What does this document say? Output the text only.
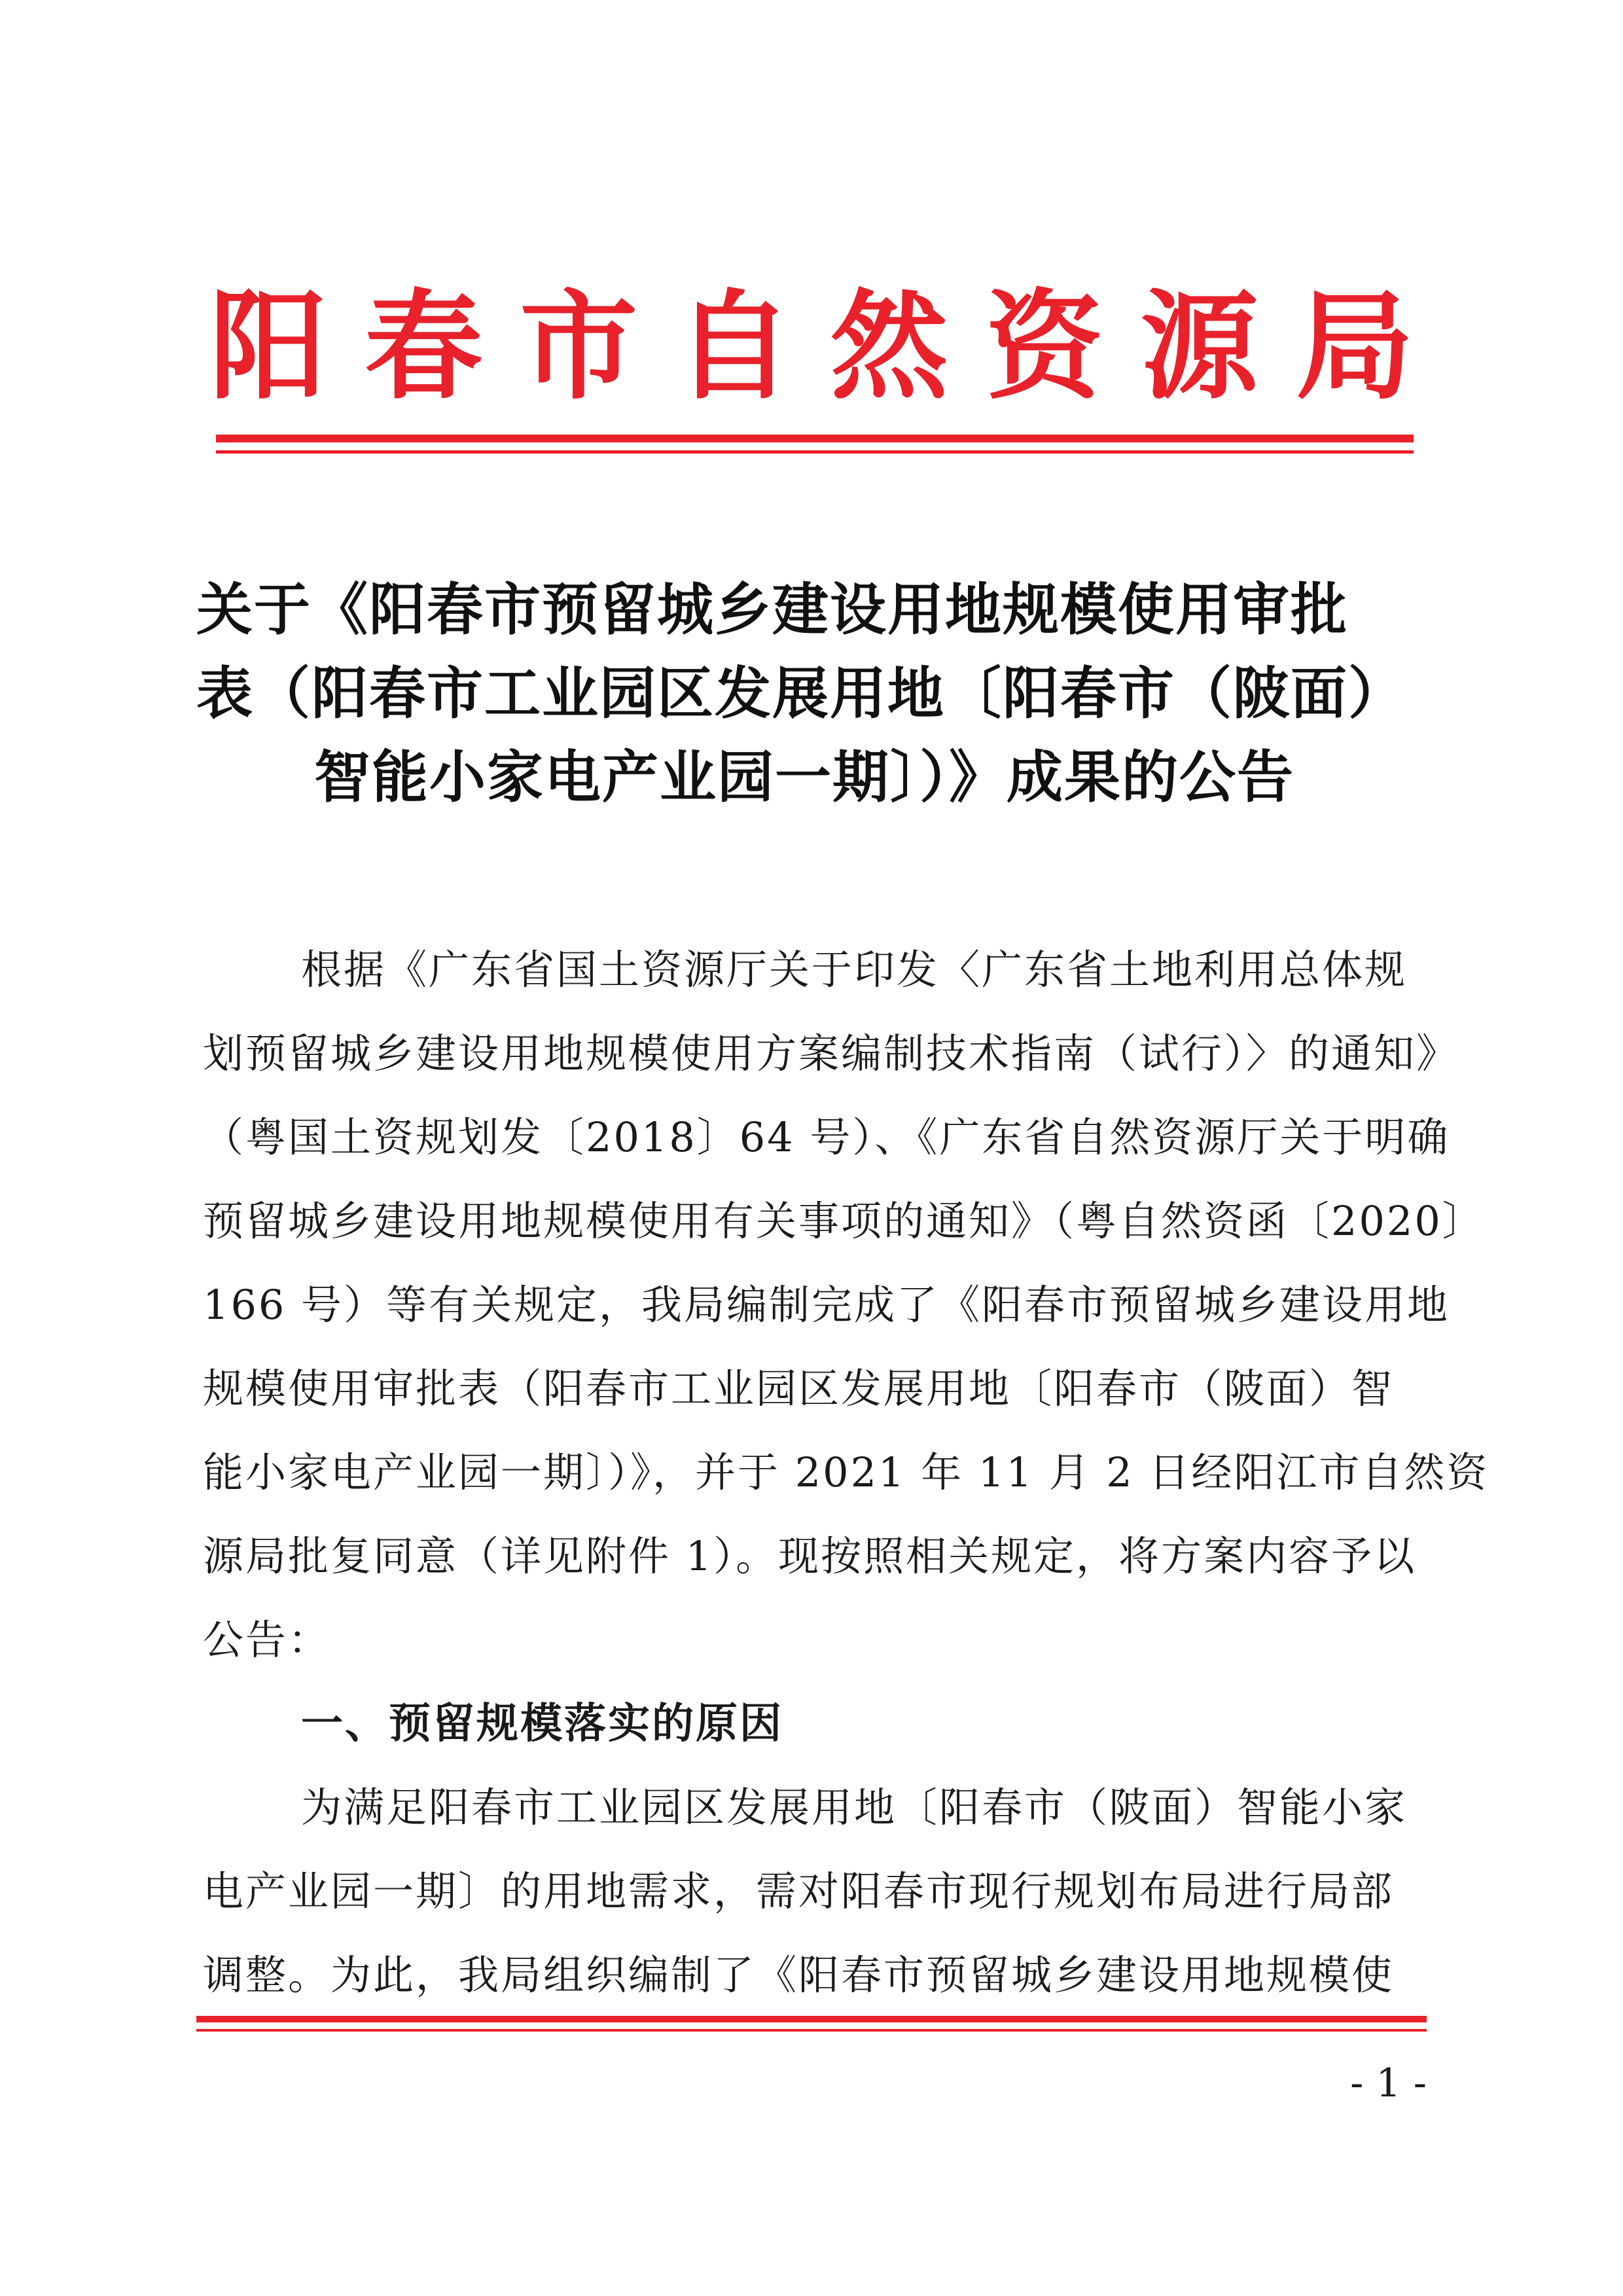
阳 春 市 自 然 资 源 局
关于《阳春市预留城乡建设用地规模使用审批
表（阳春市工业园区发展用地〔阳春市（陂面）
智能小家电产业园一期〕）》成果的公告
根据《广东省国土资源厅关于印发〈广东省土地利用总体规
划预留城乡建设用地规模使用方案编制技术指南（试行）〉的通知》
（粤国土资规划发〔2018〕64 号）、《广东省自然资源厅关于明确
预留城乡建设用地规模使用有关事项的通知》（粤自然资函〔2020〕
166 号）等有关规定，我局编制完成了《阳春市预留城乡建设用地
规模使用审批表（阳春市工业园区发展用地〔阳春市（陂面）智
能小家电产业园一期〕）》，并于 2021 年 11 月 2 日经阳江市自然资
源局批复同意（详见附件 1）。现按照相关规定，将方案内容予以
公告：
一、预留规模落实的原因
为满足阳春市工业园区发展用地〔阳春市（陂面）智能小家
电产业园一期〕的用地需求，需对阳春市现行规划布局进行局部
调整。为此，我局组织编制了《阳春市预留城乡建设用地规模使
- 1 -
